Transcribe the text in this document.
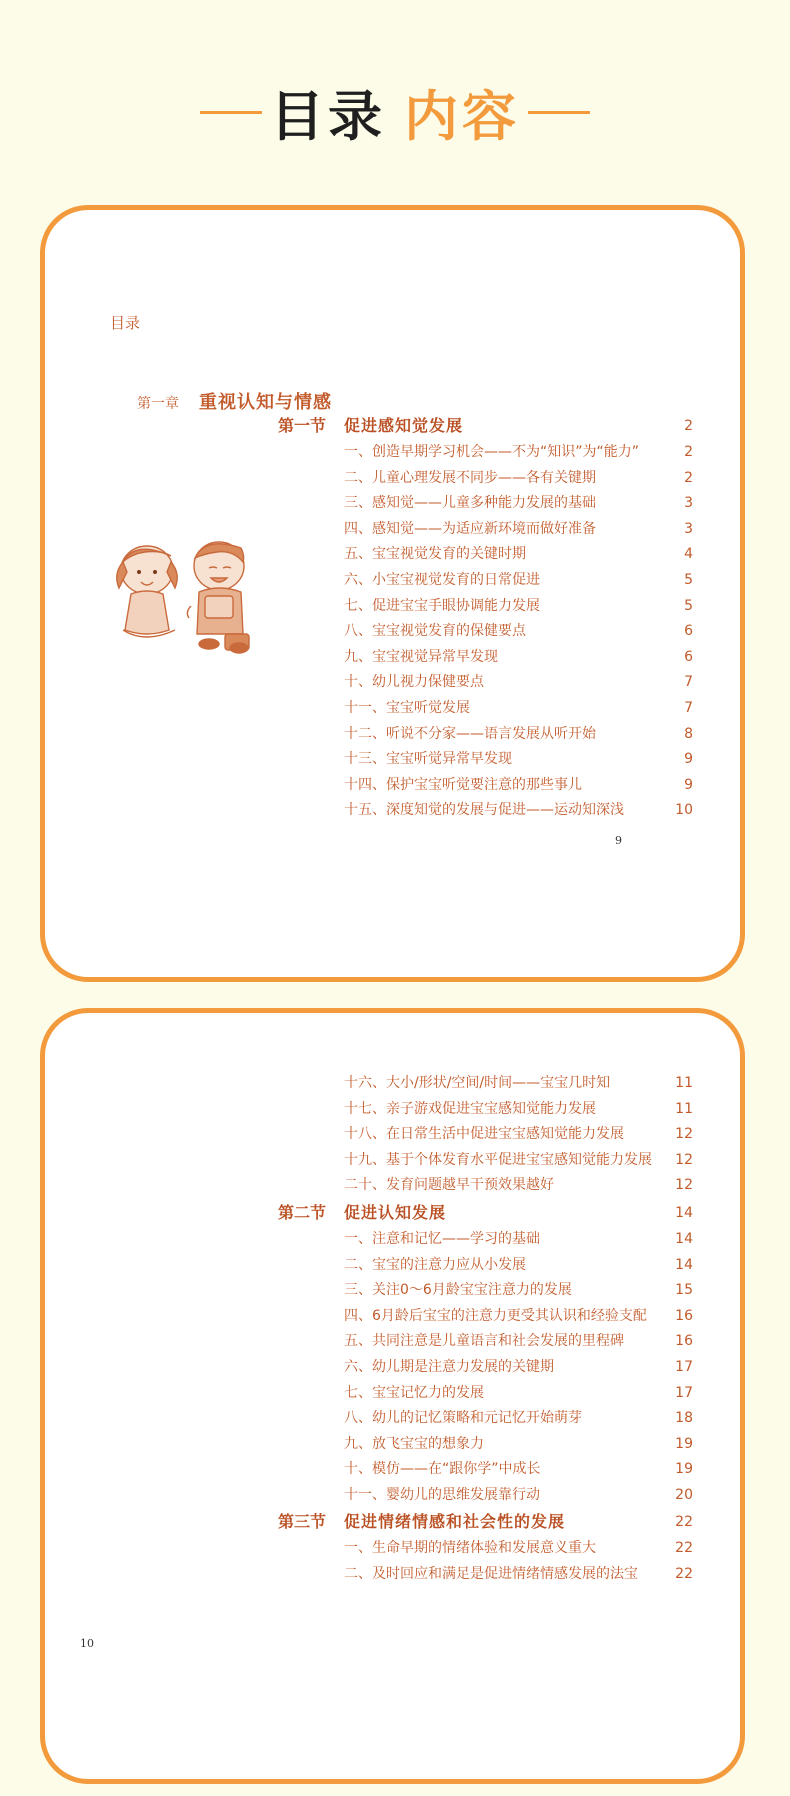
目录 内容
目录
第一章 重视认知与情感
第一节 促进感知觉发展	2
一、创造早期学习机会——不为“知识”为“能力”	2
二、儿童心理发展不同步——各有关键期	2
三、感知觉——儿童多种能力发展的基础	3
四、感知觉——为适应新环境而做好准备	3
五、宝宝视觉发育的关键时期	4
六、小宝宝视觉发育的日常促进	5
七、促进宝宝手眼协调能力发展	5
八、宝宝视觉发育的保健要点	6
九、宝宝视觉异常早发现	6
十、幼儿视力保健要点	7
十一、宝宝听觉发展	7
十二、听说不分家——语言发展从听开始	8
十三、宝宝听觉异常早发现	9
十四、保护宝宝听觉要注意的那些事儿	9
十五、深度知觉的发展与促进——运动知深浅	10
9
十六、大小/形状/空间/时间——宝宝几时知	11
十七、亲子游戏促进宝宝感知觉能力发展	11
十八、在日常生活中促进宝宝感知觉能力发展	12
十九、基于个体发育水平促进宝宝感知觉能力发展 12
二十、发育问题越早干预效果越好	12
第二节 促进认知发展	14
一、注意和记忆——学习的基础	14
二、宝宝的注意力应从小发展	14
三、关注0～6月龄宝宝注意力的发展	15
四、6月龄后宝宝的注意力更受其认识和经验支配 16
五、共同注意是儿童语言和社会发展的里程碑	16
六、幼儿期是注意力发展的关键期	17
七、宝宝记忆力的发展	17
八、幼儿的记忆策略和元记忆开始萌芽	18
九、放飞宝宝的想象力	19
十、模仿——在“跟你学”中成长	19
十一、婴幼儿的思维发展靠行动	20
第三节 促进情绪情感和社会性的发展	22
一、生命早期的情绪体验和发展意义重大	22
二、及时回应和满足是促进情绪情感发展的法宝	22
10
